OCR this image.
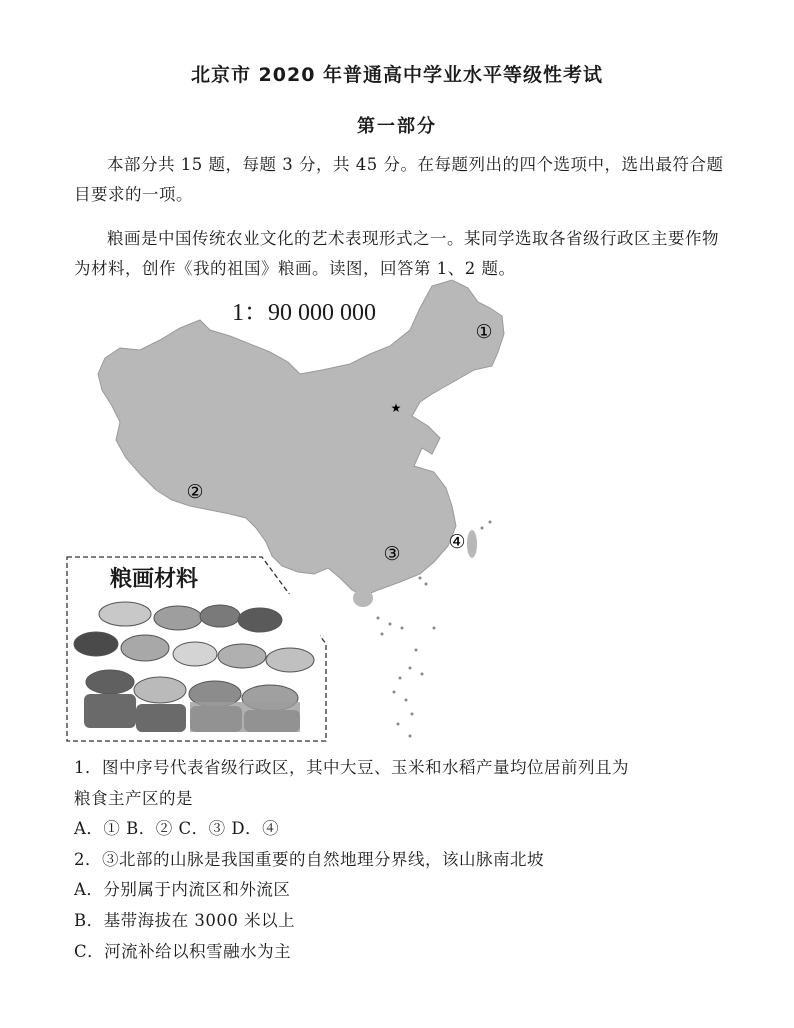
北京市 2020 年普通高中学业水平等级性考试
第一部分
本部分共 15 题，每题 3 分，共 45 分。在每题列出的四个选项中，选出最符合题目要求的一项。
粮画是中国传统农业文化的艺术表现形式之一。某同学选取各省级行政区主要作物为材料，创作《我的祖国》粮画。读图，回答第 1、2 题。
★
①
②
③
④
1：90 000 000
粮画材料
1．图中序号代表省级行政区，其中大豆、玉米和水稻产量均位居前列且为
粮食主产区的是
A．① B．② C．③ D．④
2．③北部的山脉是我国重要的自然地理分界线，该山脉南北坡
A．分别属于内流区和外流区
B．基带海拔在 3000 米以上
C．河流补给以积雪融水为主
